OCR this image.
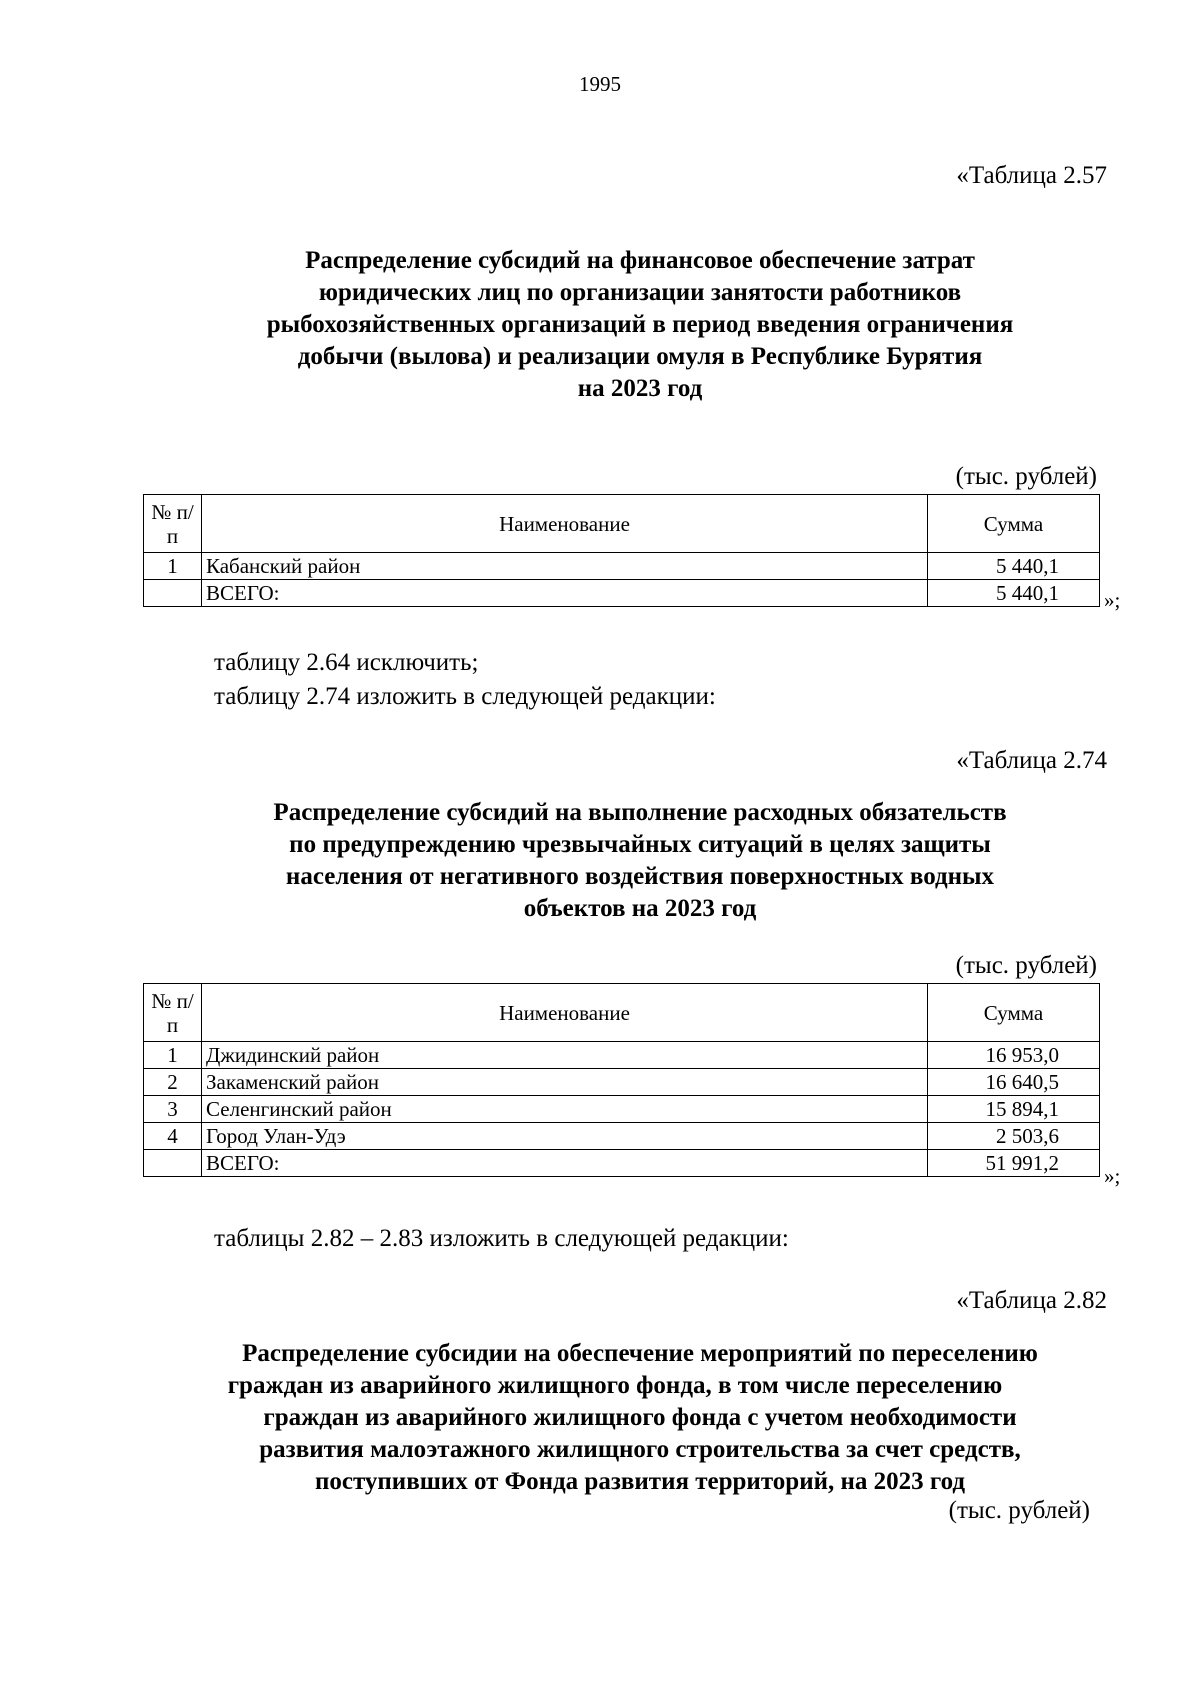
1995
«Таблица 2.57
Распределение субсидий на финансовое обеспечение затрат
юридических лиц по организации занятости работников
рыбохозяйственных организаций в период введения ограничения
добычи (вылова) и реализации омуля в Республике Бурятия
на 2023 год
(тыс. рублей)
№ п/п	Наименование	Сумма
1	Кабанский район	5 440,1
	ВСЕГО:	5 440,1 »;
таблицу 2.64 исключить;
таблицу 2.74 изложить в следующей редакции:
«Таблица 2.74
Распределение субсидий на выполнение расходных обязательств
по предупреждению чрезвычайных ситуаций в целях защиты
населения от негативного воздействия поверхностных водных
объектов на 2023 год
(тыс. рублей)
№ п/п	Наименование	Сумма
1	Джидинский район	16 953,0
2	Закаменский район	16 640,5
3	Селенгинский район	15 894,1
4	Город Улан-Удэ	2 503,6
	ВСЕГО:	51 991,2
»;
таблицы 2.82 – 2.83 изложить в следующей редакции:
«Таблица 2.82
Распределение субсидии на обеспечение мероприятий по переселению
граждан из аварийного жилищного фонда, в том числе переселению
граждан из аварийного жилищного фонда с учетом необходимости
развития малоэтажного жилищного строительства за счет средств,
поступивших от Фонда развития территорий, на 2023 год
(тыс. рублей)
